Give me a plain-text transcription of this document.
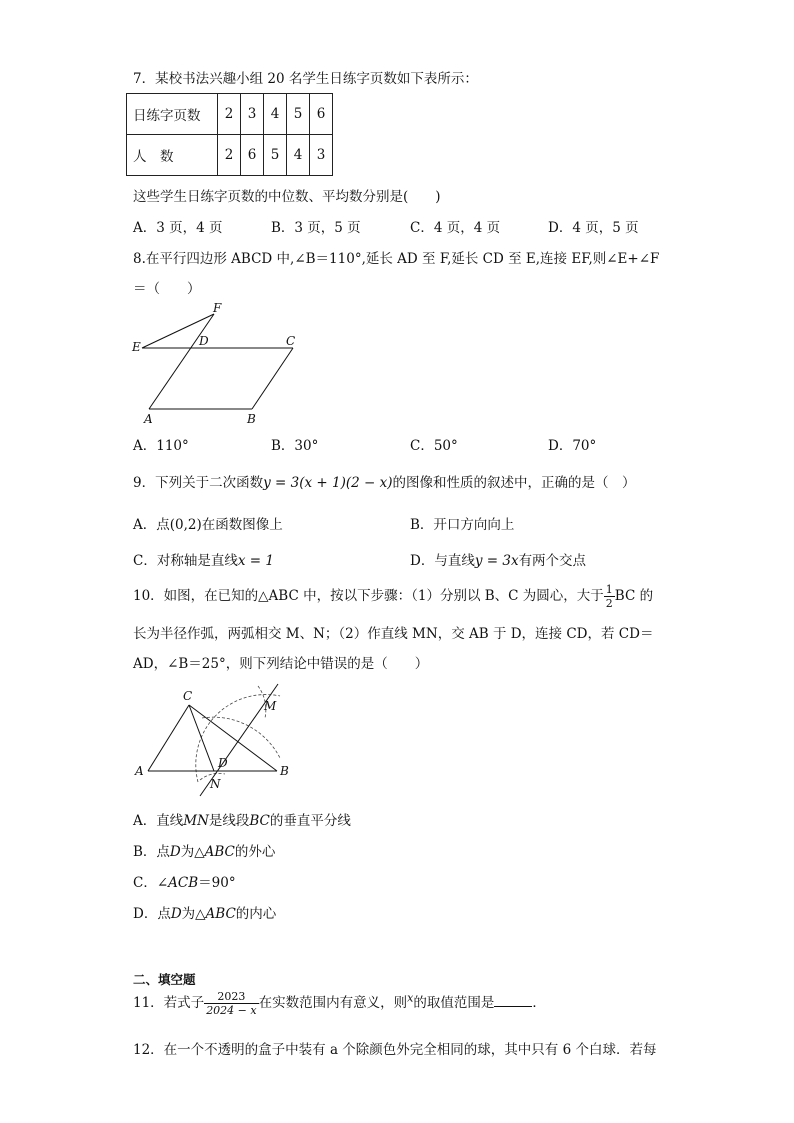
7．某校书法兴趣小组 20 名学生日练字页数如下表所示：
日练字页数	2	3	4	5	6
人　数	2	6	5	4	3
这些学生日练字页数的中位数、平均数分别是(　　)
A．3 页，4 页	B．3 页，5 页	C．4 页，4 页	D．4 页，5 页
8.在平行四边形 ABCD 中,∠B＝110°,延长 AD 至 F,延长 CD 至 E,连接 EF,则∠E+∠F
＝（　　）
F
E	D	C
A	B
A．110°	B．30°	C．50°	D．70°
9．下列关于二次函数y = 3(x + 1)(2 − x)的图像和性质的叙述中，正确的是（　）
A．点(0,2)在函数图像上	B．开口方向向上
C．对称轴是直线x = 1	D．与直线y = 3x有两个交点
10．如图，在已知的△ABC 中，按以下步骤：（1）分别以 B、C 为圆心，大于 $\frac{1}{2}$ BC 的
长为半径作弧，两弧相交 M、N；（2）作直线 MN，交 AB 于 D，连接 CD，若 CD＝
AD，∠B＝25°，则下列结论中错误的是（　　）
C
M
A
D
B
N
A．直线MN是线段BC的垂直平分线
B．点D为△ABC的外心
C．∠ACB＝90°
D．点D为△ABC的内心
二、填空题
11．若式子 $\frac{2023}{2024 - x}$ 在实数范围内有意义，则$^x$的取值范围是	．
12．在一个不透明的盒子中装有 a 个除颜色外完全相同的球，其中只有 6 个白球．若每
